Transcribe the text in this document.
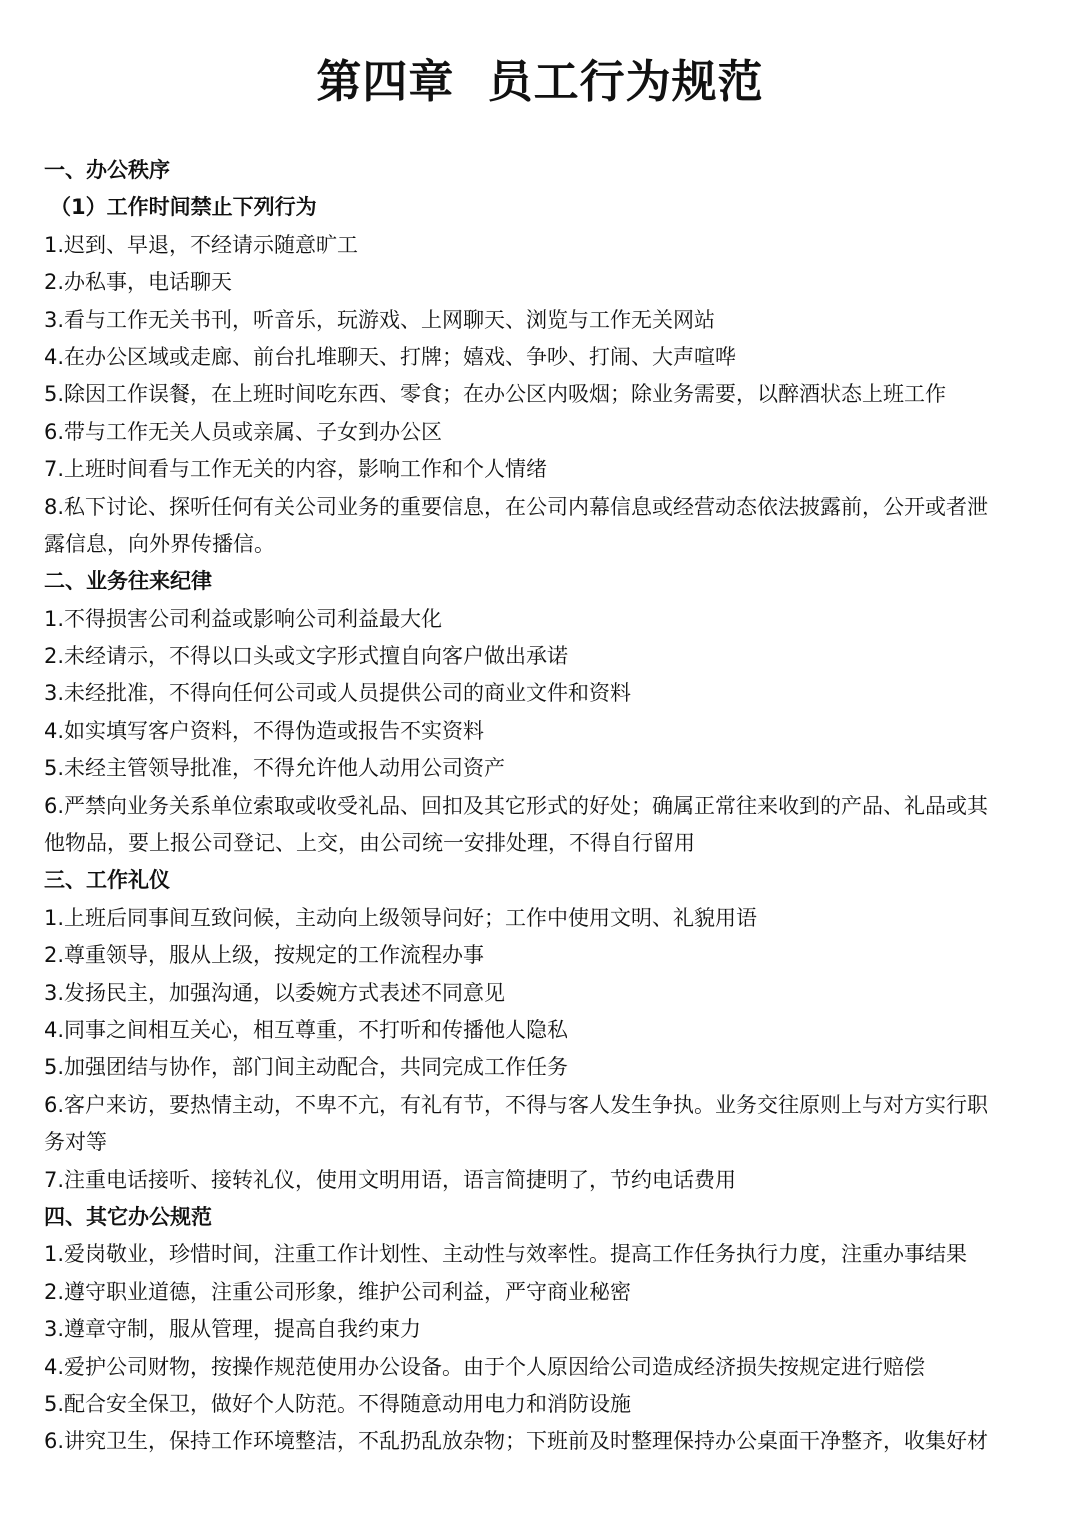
第四章  员工行为规范
一、办公秩序
（1）工作时间禁止下列行为
1.迟到、早退，不经请示随意旷工
2.办私事，电话聊天
3.看与工作无关书刊，听音乐，玩游戏、上网聊天、浏览与工作无关网站
4.在办公区域或走廊、前台扎堆聊天、打牌；嬉戏、争吵、打闹、大声喧哗
5.除因工作误餐，在上班时间吃东西、零食；在办公区内吸烟；除业务需要，以醉酒状态上班工作
6.带与工作无关人员或亲属、子女到办公区
7.上班时间看与工作无关的内容，影响工作和个人情绪
8.私下讨论、探听任何有关公司业务的重要信息，在公司内幕信息或经营动态依法披露前，公开或者泄
露信息，向外界传播信。
二、业务往来纪律
1.不得损害公司利益或影响公司利益最大化
2.未经请示，不得以口头或文字形式擅自向客户做出承诺
3.未经批准，不得向任何公司或人员提供公司的商业文件和资料
4.如实填写客户资料，不得伪造或报告不实资料
5.未经主管领导批准，不得允许他人动用公司资产
6.严禁向业务关系单位索取或收受礼品、回扣及其它形式的好处；确属正常往来收到的产品、礼品或其
他物品，要上报公司登记、上交，由公司统一安排处理，不得自行留用
三、工作礼仪
1.上班后同事间互致问候，主动向上级领导问好；工作中使用文明、礼貌用语
2.尊重领导，服从上级，按规定的工作流程办事
3.发扬民主，加强沟通，以委婉方式表述不同意见
4.同事之间相互关心，相互尊重，不打听和传播他人隐私
5.加强团结与协作，部门间主动配合，共同完成工作任务
6.客户来访，要热情主动，不卑不亢，有礼有节，不得与客人发生争执。业务交往原则上与对方实行职
务对等
7.注重电话接听、接转礼仪，使用文明用语，语言简捷明了，节约电话费用
四、其它办公规范
1.爱岗敬业，珍惜时间，注重工作计划性、主动性与效率性。提高工作任务执行力度，注重办事结果
2.遵守职业道德，注重公司形象，维护公司利益，严守商业秘密
3.遵章守制，服从管理，提高自我约束力
4.爱护公司财物，按操作规范使用办公设备。由于个人原因给公司造成经济损失按规定进行赔偿
5.配合安全保卫，做好个人防范。不得随意动用电力和消防设施
6.讲究卫生，保持工作环境整洁，不乱扔乱放杂物；下班前及时整理保持办公桌面干净整齐，收集好材
